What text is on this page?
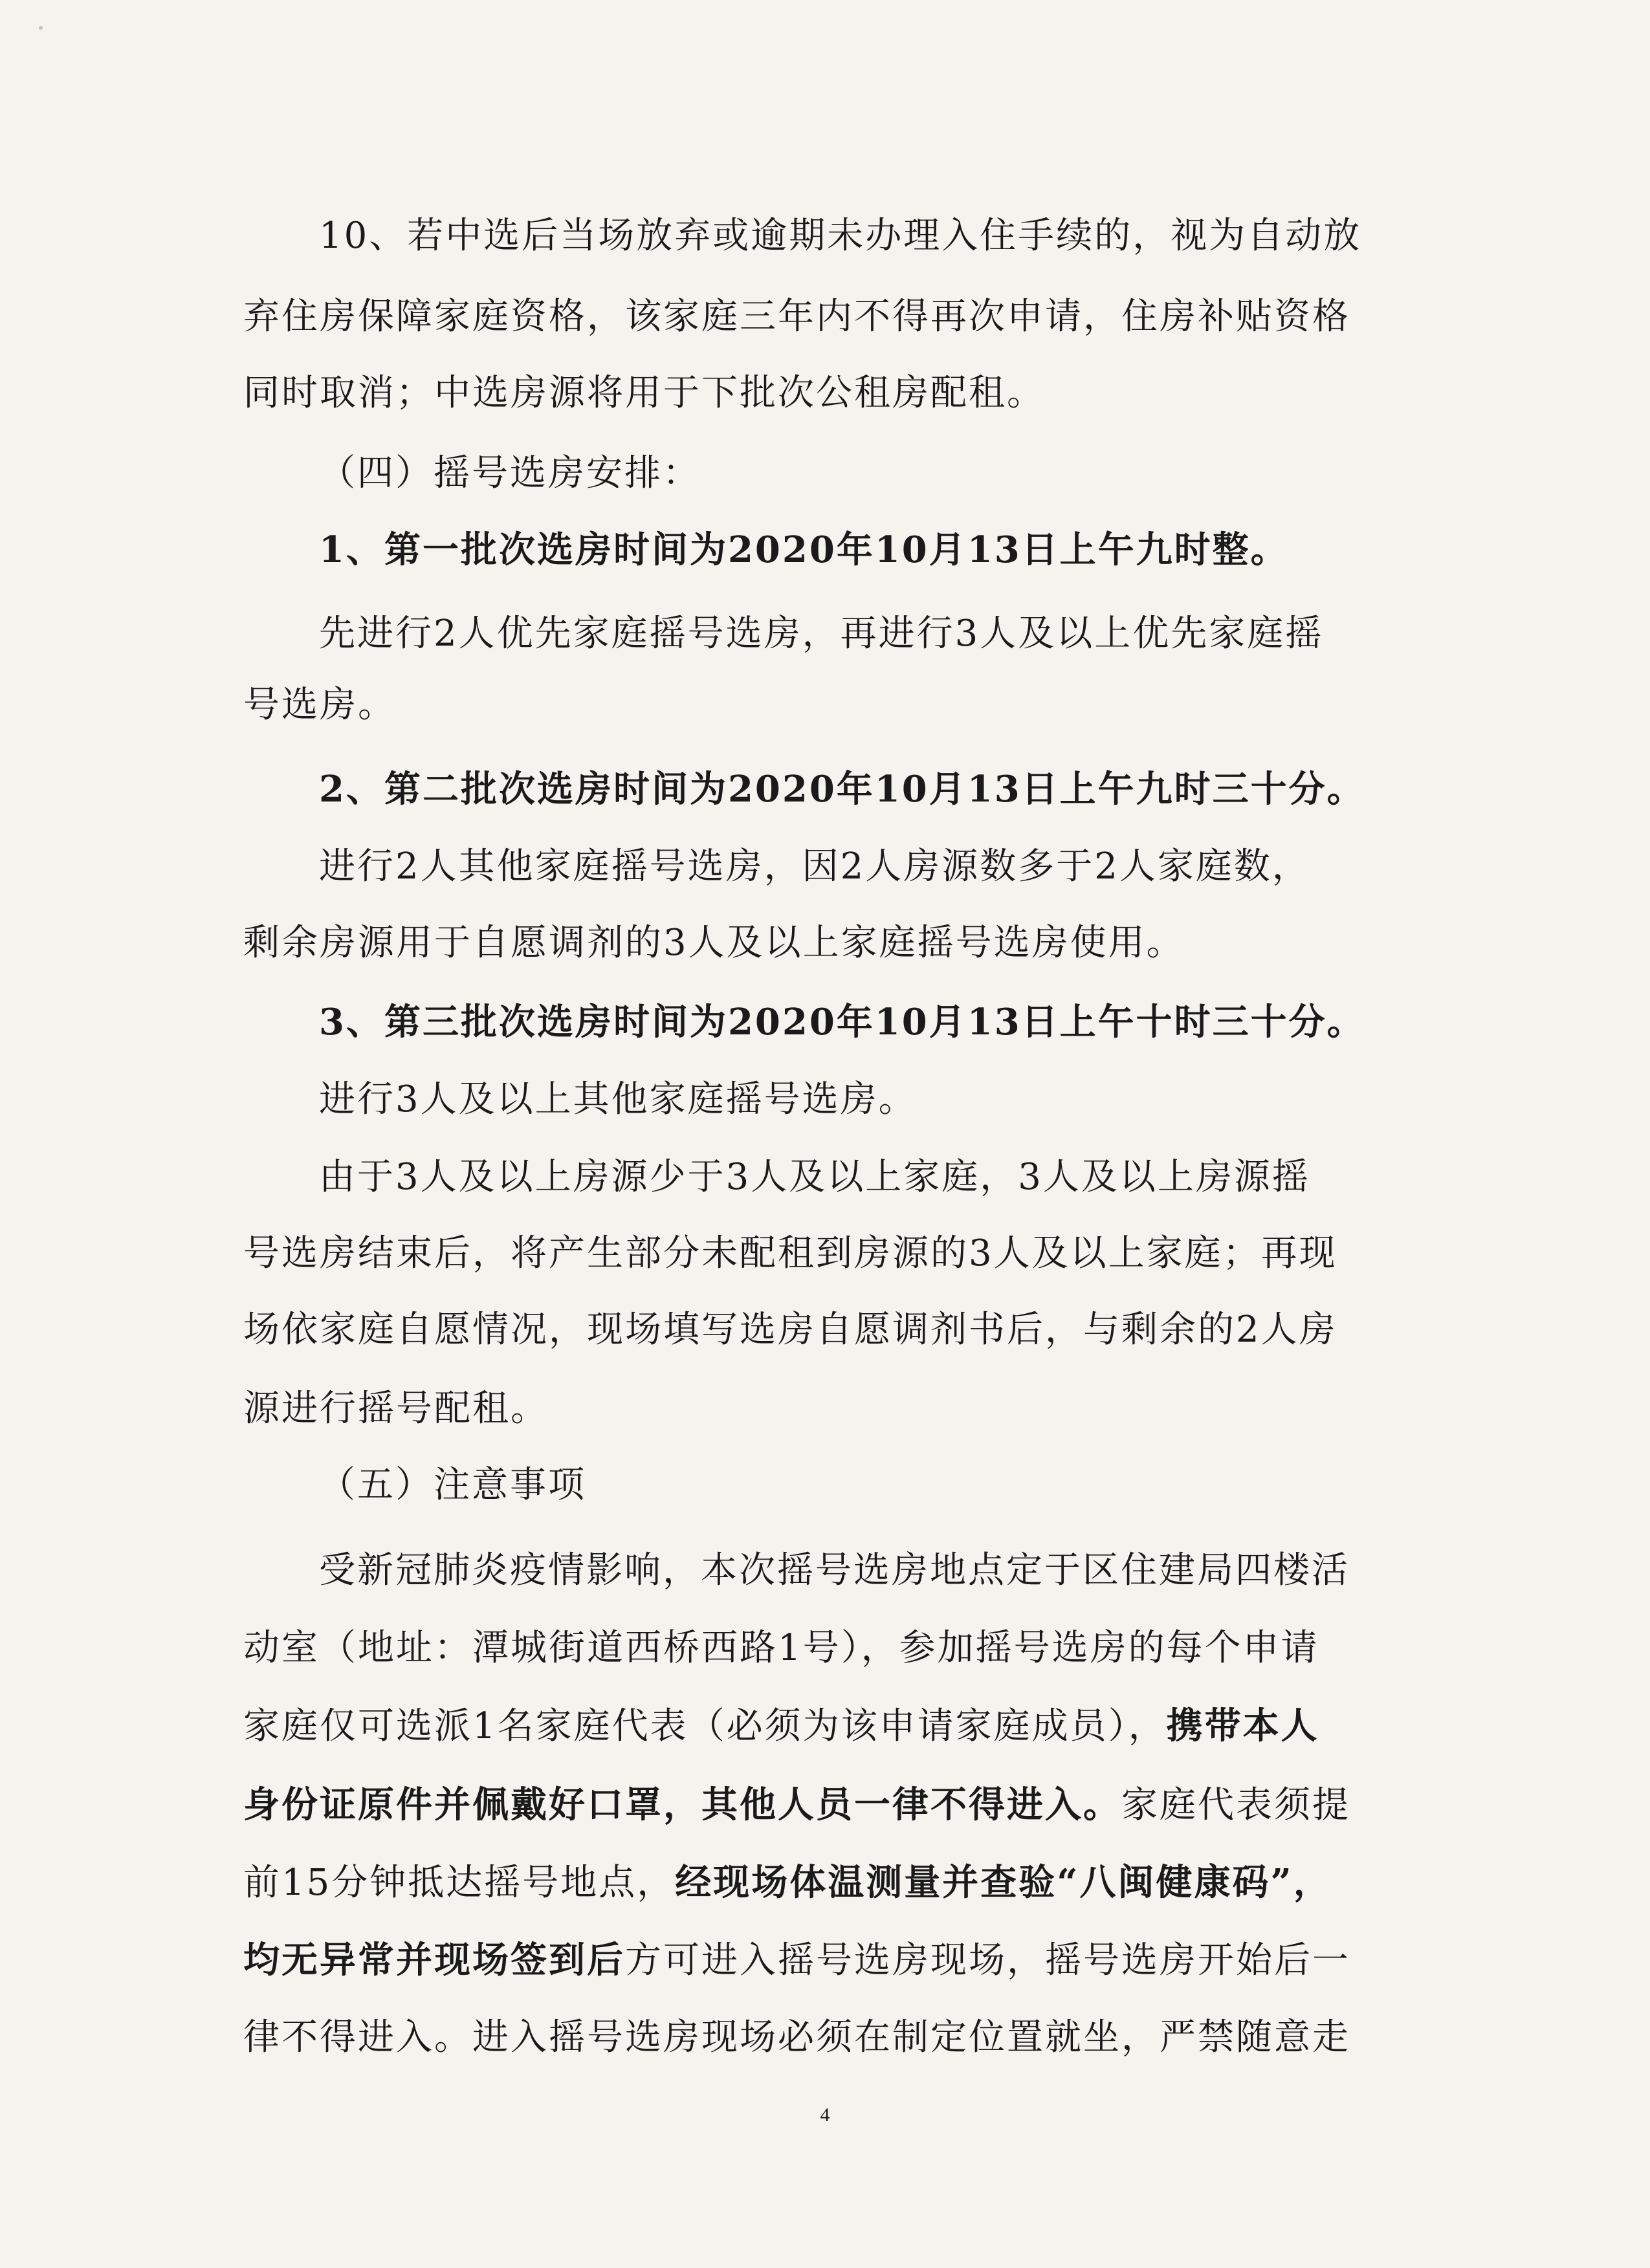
10、若中选后当场放弃或逾期未办理入住手续的，视为自动放
弃住房保障家庭资格，该家庭三年内不得再次申请，住房补贴资格
同时取消；中选房源将用于下批次公租房配租。
（四）摇号选房安排：
1、第一批次选房时间为2020年10月13日上午九时整。
先进行2人优先家庭摇号选房，再进行3人及以上优先家庭摇
号选房。
2、第二批次选房时间为2020年10月13日上午九时三十分。
进行2人其他家庭摇号选房，因2人房源数多于2人家庭数，
剩余房源用于自愿调剂的3人及以上家庭摇号选房使用。
3、第三批次选房时间为2020年10月13日上午十时三十分。
进行3人及以上其他家庭摇号选房。
由于3人及以上房源少于3人及以上家庭，3人及以上房源摇
号选房结束后，将产生部分未配租到房源的3人及以上家庭；再现
场依家庭自愿情况，现场填写选房自愿调剂书后，与剩余的2人房
源进行摇号配租。
（五）注意事项
受新冠肺炎疫情影响，本次摇号选房地点定于区住建局四楼活
动室（地址：潭城街道西桥西路1号），参加摇号选房的每个申请
家庭仅可选派1名家庭代表（必须为该申请家庭成员），携带本人
身份证原件并佩戴好口罩，其他人员一律不得进入。家庭代表须提
前15分钟抵达摇号地点，经现场体温测量并查验“八闽健康码”，
均无异常并现场签到后方可进入摇号选房现场，摇号选房开始后一
律不得进入。进入摇号选房现场必须在制定位置就坐，严禁随意走
4
